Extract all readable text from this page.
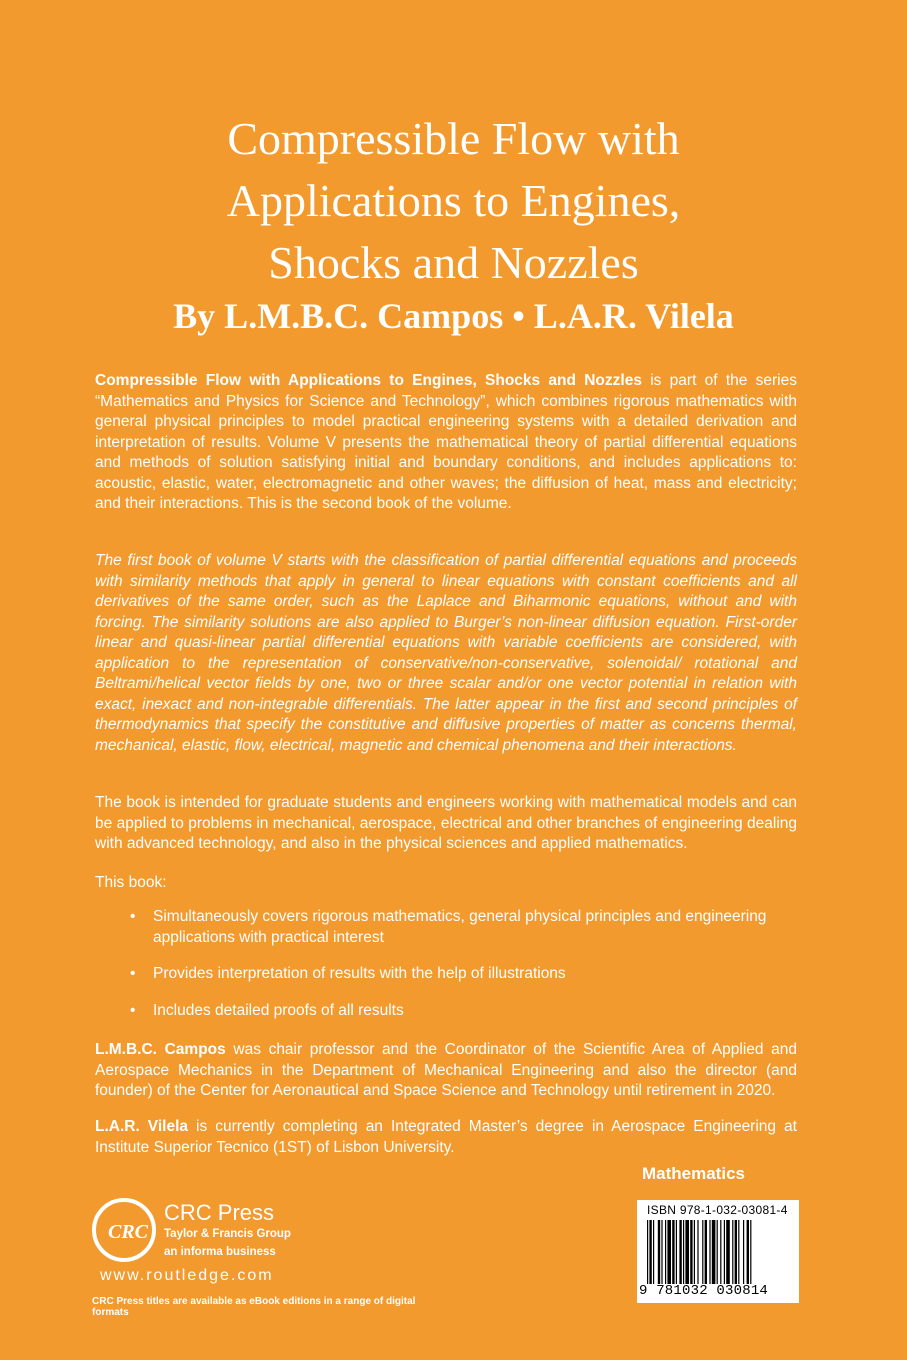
Compressible Flow with
Applications to Engines,
Shocks and Nozzles
By L.M.B.C. Campos • L.A.R. Vilela

Compressible Flow with Applications to Engines, Shocks and Nozzles is part of the series “Mathematics and Physics for Science and Technology”, which combines rigorous mathematics with general physical principles to model practical engineering systems with a detailed derivation and interpretation of results. Volume V presents the mathematical theory of partial differential equations and methods of solution satisfying initial and boundary conditions, and includes applications to: acoustic, elastic, water, electromagnetic and other waves; the diffusion of heat, mass and electricity; and their interactions. This is the second book of the volume.

The first book of volume V starts with the classification of partial differential equations and proceeds with similarity methods that apply in general to linear equations with constant coefficients and all derivatives of the same order, such as the Laplace and Biharmonic equations, without and with forcing. The similarity solutions are also applied to Burger’s non-linear diffusion equation. First-order linear and quasi-linear partial differential equations with variable coefficients are considered, with application to the representation of conservative/non-conservative, solenoidal/ rotational and Beltrami/helical vector fields by one, two or three scalar and/or one vector potential in relation with exact, inexact and non-integrable differentials. The latter appear in the first and second principles of thermodynamics that specify the constitutive and diffusive properties of matter as concerns thermal, mechanical, elastic, flow, electrical, magnetic and chemical phenomena and their interactions.

The book is intended for graduate students and engineers working with mathematical models and can be applied to problems in mechanical, aerospace, electrical and other branches of engineering dealing with advanced technology, and also in the physical sciences and applied mathematics.

This book:

• Simultaneously covers rigorous mathematics, general physical principles and engineering applications with practical interest
• Provides interpretation of results with the help of illustrations
• Includes detailed proofs of all results

L.M.B.C. Campos was chair professor and the Coordinator of the Scientific Area of Applied and Aerospace Mechanics in the Department of Mechanical Engineering and also the director (and founder) of the Center for Aeronautical and Space Science and Technology until retirement in 2020.

L.A.R. Vilela is currently completing an Integrated Master’s degree in Aerospace Engineering at Institute Superior Tecnico (1ST) of Lisbon University.

Mathematics
CRC
CRC Press
Taylor & Francis Group
an informa business
www.routledge.com
CRC Press titles are available as eBook editions in a range of digital formats
ISBN 978-1-032-03081-4
9 781032 030814
